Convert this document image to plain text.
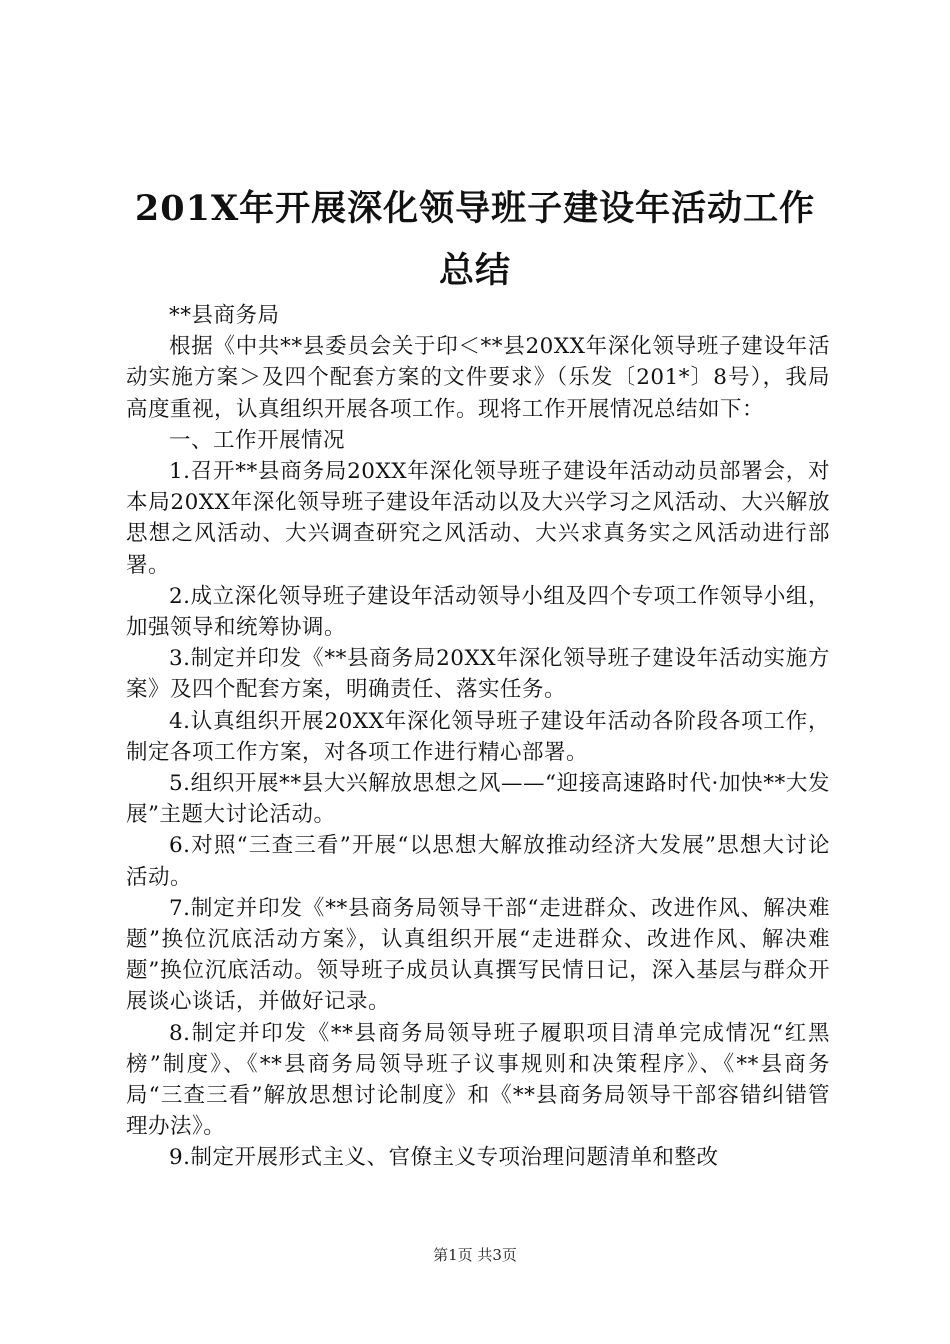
201X年开展深化领导班子建设年活动工作总结

**县商务局

根据《中共**县委员会关于印＜**县20XX年深化领导班子建设年活动实施方案＞及四个配套方案的文件要求》（乐发〔201*〕8号），我局高度重视，认真组织开展各项工作。现将工作开展情况总结如下：

一、工作开展情况

1.召开**县商务局20XX年深化领导班子建设年活动动员部署会，对本局20XX年深化领导班子建设年活动以及大兴学习之风活动、大兴解放思想之风活动、大兴调查研究之风活动、大兴求真务实之风活动进行部署。

2.成立深化领导班子建设年活动领导小组及四个专项工作领导小组，加强领导和统筹协调。

3.制定并印发《**县商务局20XX年深化领导班子建设年活动实施方案》及四个配套方案，明确责任、落实任务。

4.认真组织开展20XX年深化领导班子建设年活动各阶段各项工作，制定各项工作方案，对各项工作进行精心部署。

5.组织开展**县大兴解放思想之风——“迎接高速路时代·加快**大发展”主题大讨论活动。

6.对照“三查三看”开展“以思想大解放推动经济大发展”思想大讨论活动。

7.制定并印发《**县商务局领导干部“走进群众、改进作风、解决难题”换位沉底活动方案》，认真组织开展“走进群众、改进作风、解决难题”换位沉底活动。领导班子成员认真撰写民情日记，深入基层与群众开展谈心谈话，并做好记录。

8.制定并印发《**县商务局领导班子履职项目清单完成情况“红黑榜”制度》、《**县商务局领导班子议事规则和决策程序》、《**县商务局“三查三看”解放思想讨论制度》和《**县商务局领导干部容错纠错管理办法》。

9.制定开展形式主义、官僚主义专项治理问题清单和整改

第1页 共3页
